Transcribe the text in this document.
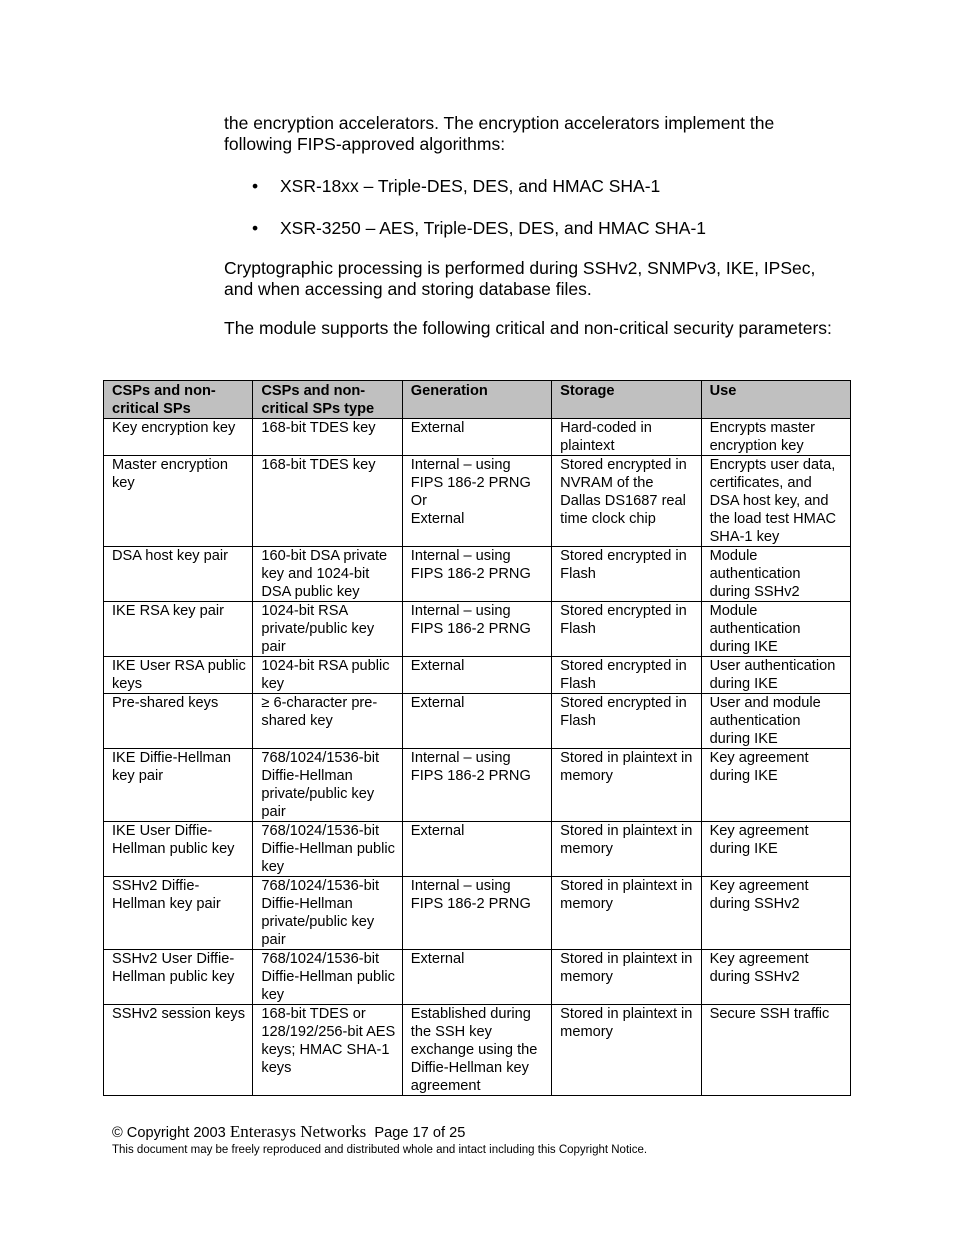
the encryption accelerators. The encryption accelerators implement the following FIPS-approved algorithms:

• XSR-18xx – Triple-DES, DES, and HMAC SHA-1
• XSR-3250 – AES, Triple-DES, DES, and HMAC SHA-1

Cryptographic processing is performed during SSHv2, SNMPv3, IKE, IPSec, and when accessing and storing database files.

The module supports the following critical and non-critical security parameters:

CSPs and non-critical SPs	CSPs and non-critical SPs type	Generation	Storage	Use
Key encryption key	168-bit TDES key	External	Hard-coded in plaintext	Encrypts master encryption key
Master encryption key	168-bit TDES key	Internal – using FIPS 186-2 PRNG
Or
External	Stored encrypted in NVRAM of the Dallas DS1687 real time clock chip	Encrypts user data, certificates, and DSA host key, and the load test HMAC SHA-1 key
DSA host key pair	160-bit DSA private key and 1024-bit DSA public key	Internal – using FIPS 186-2 PRNG	Stored encrypted in Flash	Module authentication during SSHv2
IKE RSA key pair	1024-bit RSA private/public key pair	Internal – using FIPS 186-2 PRNG	Stored encrypted in Flash	Module authentication during IKE
IKE User RSA public keys	1024-bit RSA public key	External	Stored encrypted in Flash	User authentication during IKE
Pre-shared keys	≥ 6-character pre-shared key	External	Stored encrypted in Flash	User and module authentication during IKE
IKE Diffie-Hellman key pair	768/1024/1536-bit Diffie-Hellman private/public key pair	Internal – using FIPS 186-2 PRNG	Stored in plaintext in memory	Key agreement during IKE
IKE User Diffie-Hellman public key	768/1024/1536-bit Diffie-Hellman public key	External	Stored in plaintext in memory	Key agreement during IKE
SSHv2 Diffie-Hellman key pair	768/1024/1536-bit Diffie-Hellman private/public key pair	Internal – using FIPS 186-2 PRNG	Stored in plaintext in memory	Key agreement during SSHv2
SSHv2 User Diffie-Hellman public key	768/1024/1536-bit Diffie-Hellman public key	External	Stored in plaintext in memory	Key agreement during SSHv2
SSHv2 session keys	168-bit TDES or 128/192/256-bit AES keys; HMAC SHA-1 keys	Established during the SSH key exchange using the Diffie-Hellman key agreement	Stored in plaintext in memory	Secure SSH traffic
© Copyright 2003 Enterasys Networks Page 17 of 25
This document may be freely reproduced and distributed whole and intact including this Copyright Notice.
